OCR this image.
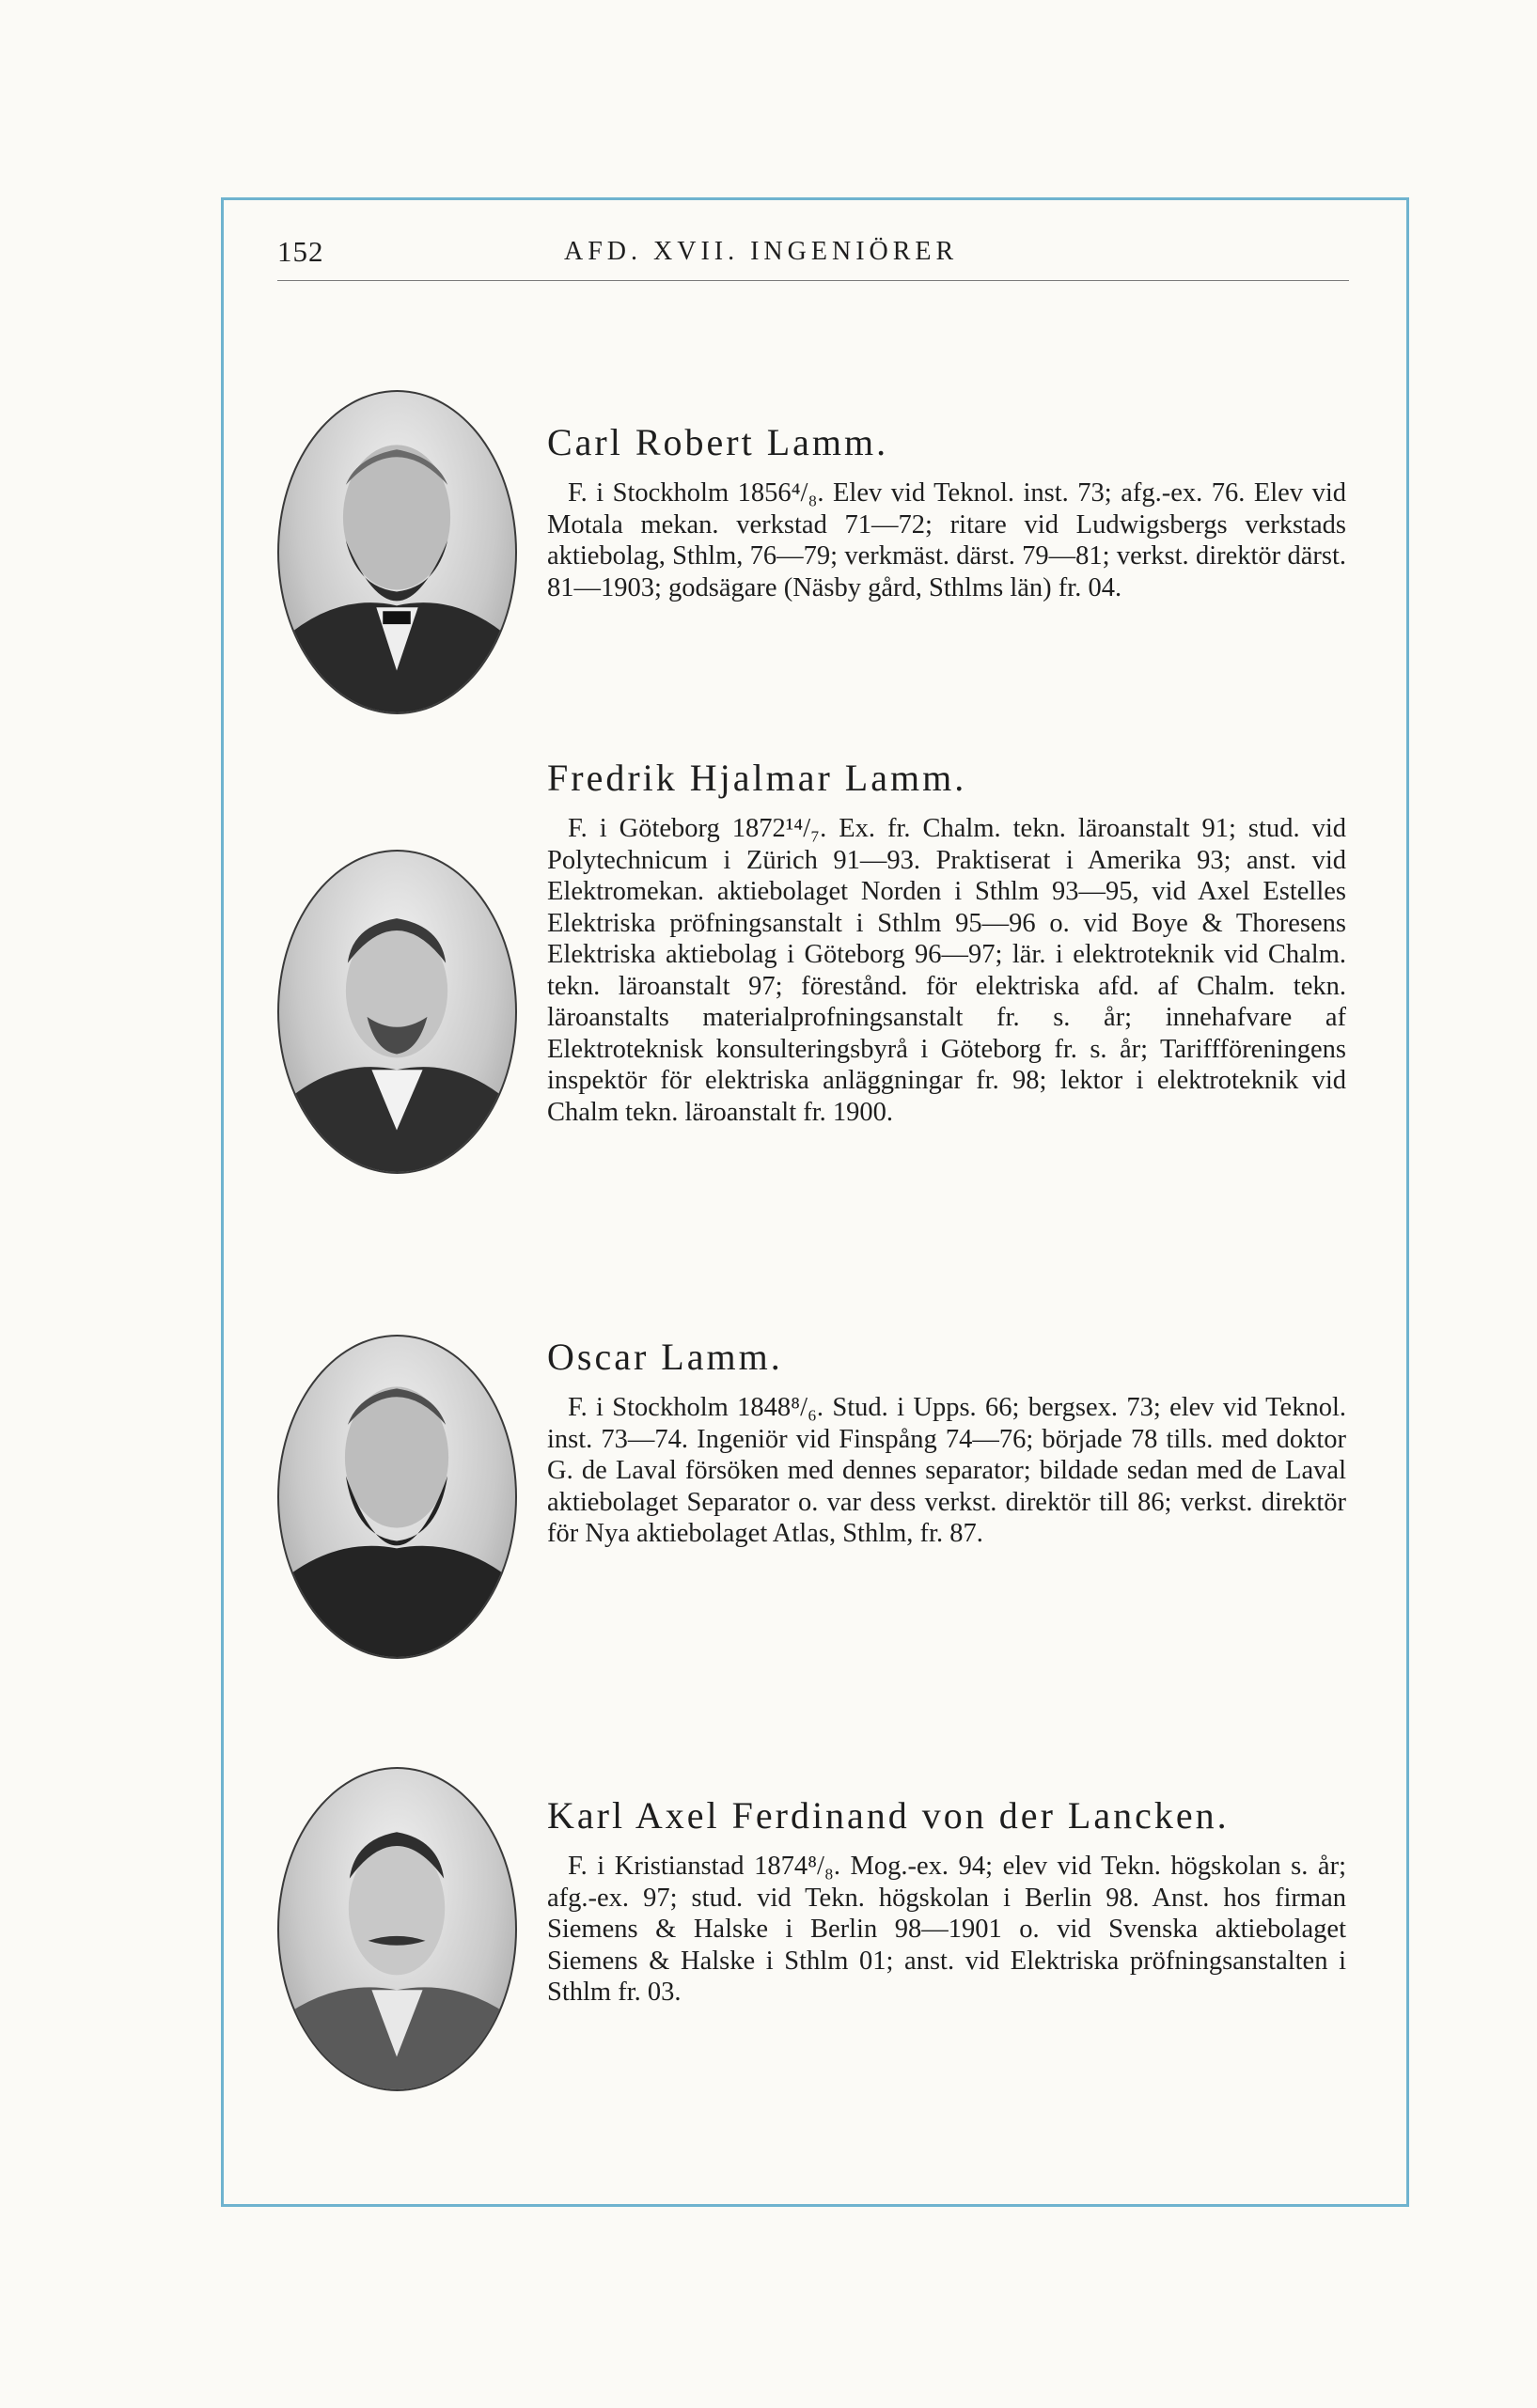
152	AFD. XVII. INGENIÖRER
Carl Robert Lamm.

F. i Stockholm 1856⁴/₈. Elev vid Teknol. inst. 73; afg.-ex. 76. Elev vid Motala mekan. verkstad 71—72; ritare vid Ludwigsbergs verkstads aktiebolag, Sthlm, 76—79; verkmäst. därst. 79—81; verkst. direktör därst. 81—1903; godsägare (Näsby gård, Sthlms län) fr. 04.

Fredrik Hjalmar Lamm.

F. i Göteborg 1872¹⁴/₇. Ex. fr. Chalm. tekn. läroanstalt 91; stud. vid Polytechnicum i Zürich 91—93. Praktiserat i Amerika 93; anst. vid Elektromekan. aktiebolaget Norden i Sthlm 93—95, vid Axel Estelles Elektriska pröfningsanstalt i Sthlm 95—96 o. vid Boye & Thoresens Elektriska aktiebolag i Göteborg 96—97; lär. i elektroteknik vid Chalm. tekn. läroanstalt 97; förestånd. för elektriska afd. af Chalm. tekn. läroanstalts materialprofningsanstalt fr. s. år; innehafvare af Elektroteknisk konsulteringsbyrå i Göteborg fr. s. år; Tariffföreningens inspektör för elektriska anläggningar fr. 98; lektor i elektroteknik vid Chalm tekn. läroanstalt fr. 1900.

Oscar Lamm.

F. i Stockholm 1848⁸/₆. Stud. i Upps. 66; bergsex. 73; elev vid Teknol. inst. 73—74. Ingeniör vid Finspång 74—76; började 78 tills. med doktor G. de Laval försöken med dennes separator; bildade sedan med de Laval aktiebolaget Separator o. var dess verkst. direktör till 86; verkst. direktör för Nya aktiebolaget Atlas, Sthlm, fr. 87.

Karl Axel Ferdinand von der Lancken.

F. i Kristianstad 1874⁸/₈. Mog.-ex. 94; elev vid Tekn. högskolan s. år; afg.-ex. 97; stud. vid Tekn. högskolan i Berlin 98. Anst. hos firman Siemens & Halske i Berlin 98—1901 o. vid Svenska aktiebolaget Siemens & Halske i Sthlm 01; anst. vid Elektriska pröfningsanstalten i Sthlm fr. 03.
